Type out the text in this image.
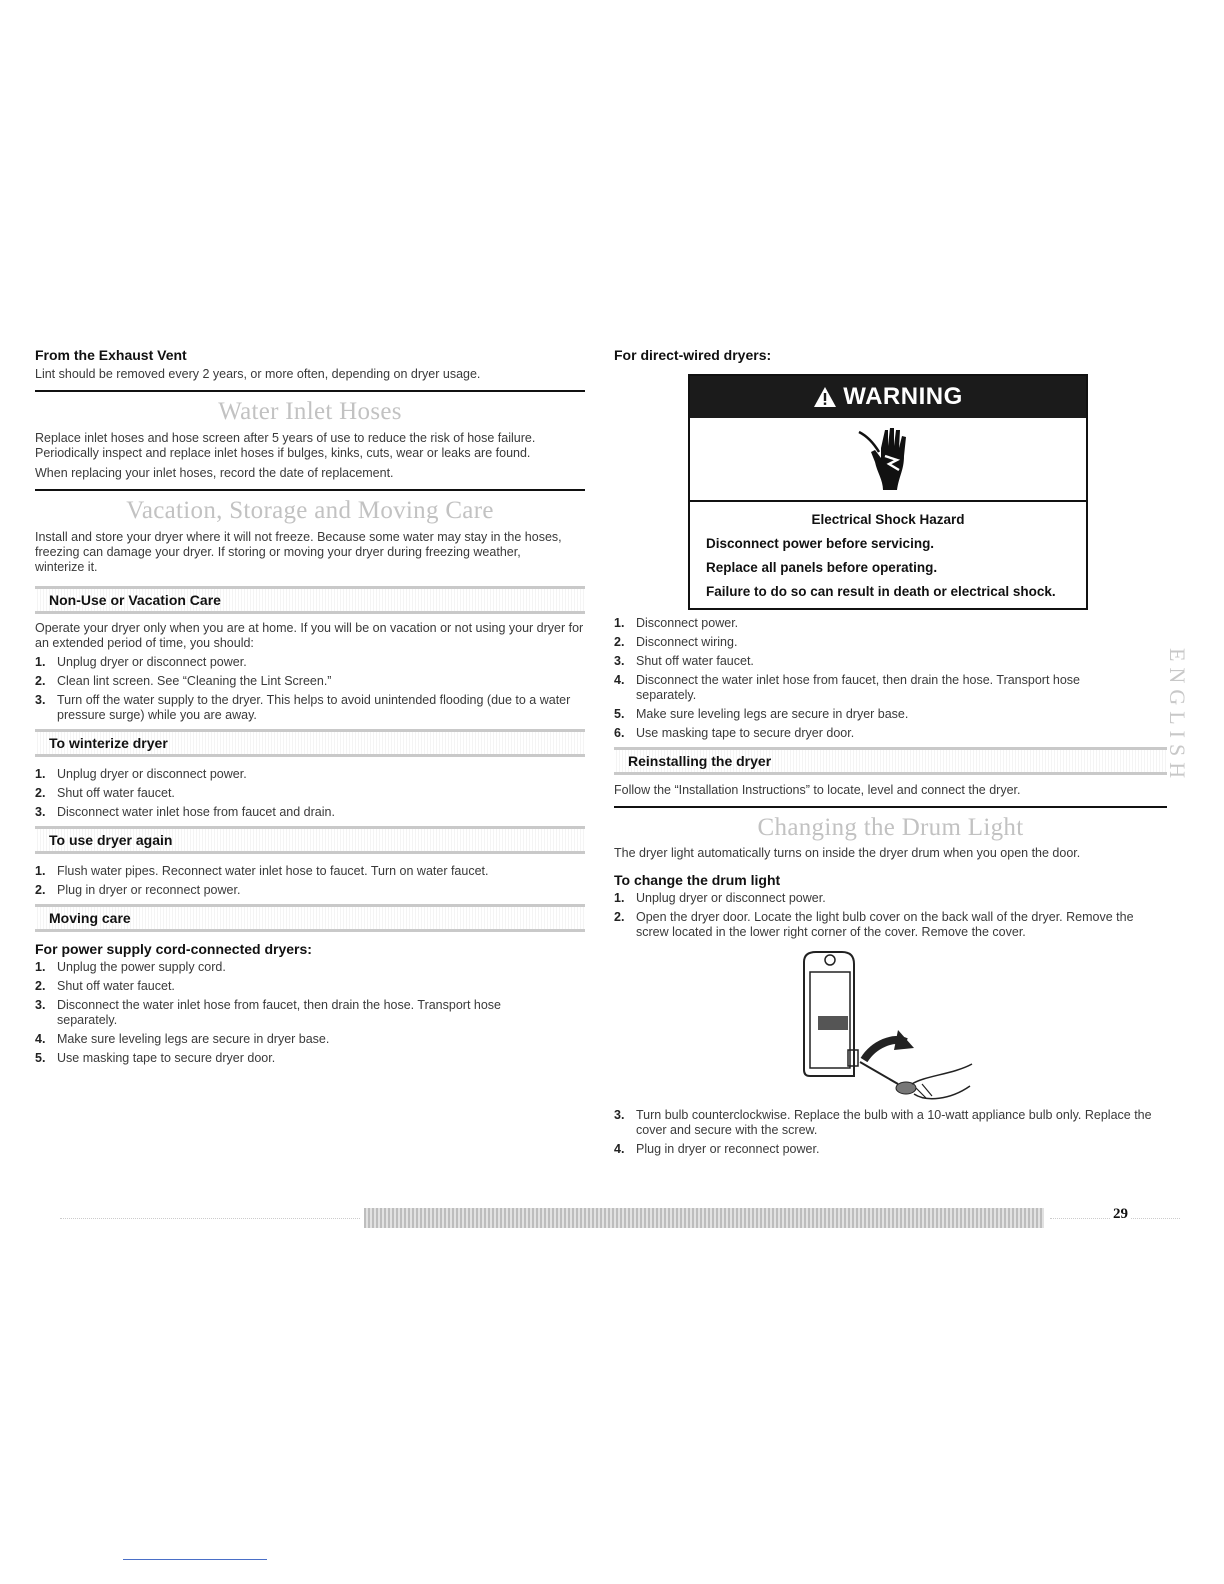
From the Exhaust Vent

Lint should be removed every 2 years, or more often, depending on dryer usage.

Water Inlet Hoses

Replace inlet hoses and hose screen after 5 years of use to reduce the risk of hose failure. Periodically inspect and replace inlet hoses if bulges, kinks, cuts, wear or leaks are found.

When replacing your inlet hoses, record the date of replacement.

Vacation, Storage and Moving Care

Install and store your dryer where it will not freeze. Because some water may stay in the hoses, freezing can damage your dryer. If storing or moving your dryer during freezing weather, winterize it.

Non-Use or Vacation Care

Operate your dryer only when you are at home. If you will be on vacation or not using your dryer for an extended period of time, you should:

1. Unplug dryer or disconnect power.
2. Clean lint screen. See “Cleaning the Lint Screen.”
3. Turn off the water supply to the dryer. This helps to avoid unintended flooding (due to a water pressure surge) while you are away.
To winterize dryer
1. Unplug dryer or disconnect power.
2. Shut off water faucet.
3. Disconnect water inlet hose from faucet and drain.
To use dryer again
1. Flush water pipes. Reconnect water inlet hose to faucet. Turn on water faucet.
2. Plug in dryer or reconnect power.
Moving care

For power supply cord-connected dryers:

1. Unplug the power supply cord.
2. Shut off water faucet.
3. Disconnect the water inlet hose from faucet, then drain the hose. Transport hose separately.
4. Make sure leveling legs are secure in dryer base.
5. Use masking tape to secure dryer door.

For direct-wired dryers:

WARNING
Electrical Shock Hazard
Disconnect power before servicing.
Replace all panels before operating.
Failure to do so can result in death or electrical shock.
1. Disconnect power.
2. Disconnect wiring.
3. Shut off water faucet.
4. Disconnect the water inlet hose from faucet, then drain the hose. Transport hose separately.
5. Make sure leveling legs are secure in dryer base.
6. Use masking tape to secure dryer door.
Reinstalling the dryer

Follow the “Installation Instructions” to locate, level and connect the dryer.

Changing the Drum Light

The dryer light automatically turns on inside the dryer drum when you open the door.

To change the drum light

1. Unplug dryer or disconnect power.
2. Open the dryer door. Locate the light bulb cover on the back wall of the dryer. Remove the screw located in the lower right corner of the cover. Remove the cover.
3. Turn bulb counterclockwise. Replace the bulb with a 10-watt appliance bulb only. Replace the cover and secure with the screw.
4. Plug in dryer or reconnect power.
ENGLISH
29
